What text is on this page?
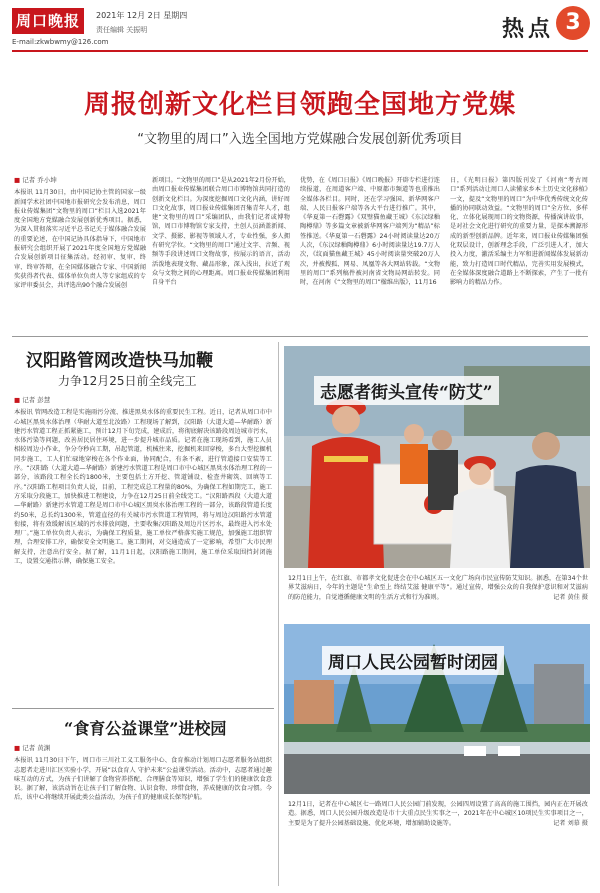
周口晚报	2021年 12月 2日 星期四
责任编辑 关振明
E-mail:zkwbwmy@126.com	热点 3
周报创新文化栏目领跑全国地方党媒
“文物里的周口”入选全国地方党媒融合发展创新优秀项目
■ 记者 乔小坤
本报讯 11月30日，由中国记协主管的国家一级新闻学术社团中国地市报研究会发布消息，周口报业传媒集团“文物里的周口”栏目入选2021年度全国地方党媒融合发展创新优秀项目。据悉，为深入贯彻落实习近平总书记关于媒体融合发展的重要论述，在中国记协具体指导下，中国地市报研究会组织开展了2021年度全国地方党媒融合发展创新项目征集活动。经初审、复审、终审、终审答辩，在全国媒体融合专家、中国新闻奖获得者代表、媒体单位负责人等专家组成的专家评审委员会，共评选出90个融合发展创
新项目。“文物里的周口”是从2021年2月份开始，由周口报业传媒集团联合周口市博物馆共同打造的创新文化栏目。为深度挖掘周口文化内涵，讲好周口文化故事，周口报业传媒集团召集青年人才，组建“文物里的周口”采编团队，由我们记者或博物馆，周口市博物馆专家支持，主创人员涵盖新闻、文学、摄影、影视等领域人才，专业性强，多人拥有研究学位。“文物里的周口”通过文字、音频、视频等手段讲述周口文物故事，按展示的语言，活动活泼地表现文物、藏品形象，深入浅出，拉近了观众与文物之间的心理距离。周口报业传媒集团利用自身平台
优势，在《周口日报》《周口晚报》开辟专栏进行连续报道，在周道客户端、中原都市频道等也重推出全媒体各栏目。同时，还在学习强国、新华网客户端、人民日报客户端等各大平台进行推广。其中，《华夏第一石磬露》《双璧猫鱼藏王城》《东汉绿釉陶樽鼎》等多篇文章被新华网客户端列为“精品”标签推送。《华夏第一石磬露》24小时阅读量达20万人次，《东汉绿釉陶樽鼎》6小时阅读量达19.7万人次，《纹面猫鱼藏王城》45小时阅读量突破20万人次，并被搜狐、网易、凤凰等各大网站转载。“文物里的周口”系列稿件被河南省文物局网站转发。同时，在河南《“文物里的周口”楹维出版》，11月16
日，《光明日报》第四版刊发了《河南“考古周口”系列活动让周口人读懂家乡本土历史文化移植》一文，提及“文物里的周口”为中华优秀传统文化传播的协同联动效益。“文物里的周口”全方位、多样化、立体化展现周口的文物资源，传播演讲故事，是对社会文化进行研究的重要力量，是探本溯源形成的新型创新品牌。近年来，周口报业传媒集团强化双层设计，创新理念手段，广泛引进人才，加大投入力度，激活采编主力军和进新闻媒体发展新动能，致力打造周口时代精品，完善实用发展模式，在全媒体深度融合道路上不断探索，产生了一批有影响力的精品力作。
汉阳路管网改造快马加鞭
力争12月25日前全线完工
■ 记者 彭慧
本报讯 管网改造工程是实施雨污分流、推进黑臭水体的重要民生工程。近日，记者从周口市中心城区黑臭水体治理（华耐大道至北汝路）工程现场了解到，汉阳路（大道大道—华耐路）新建污水管道工程正抓紧施工，预计12月下旬完成，建成后，将彻底解决该路段周边城市污水，水体污染等问题，改善居民居住环境，进一步提升城市品质。记者在施工现场看到，施工人员相较周边小作业，争分夺秒向工期，吊起管道，机械往来，挖掘机来回穿梭，多台大型挖掘机同步施工，工人们忙碌地穿梭在各个作业面，协同配合，有条不紊，进行管道接口安装等工序。“汉阳路（大道大道—华耐路）新建污水管道工程是周口市中心城区黑臭水体治理工程的一部分，该路段工程全长约1800米，主要包括土方开挖、管道铺设、检查井砌筑、回填等工序。”汉阳路工程项目负责人说，目前，工程完成总工程量的80%，为确保工程如期完工，施工方采取分段施工，加快推进工程建设，力争在12月25日前全线完工。“汉阳路西段（大道大道—华耐路）新建污水管道工程是周口市中心城区黑臭水体治理工程的一部分，该路段管道长度约50米，总长约1300米，管道直径的有关城市污水管道工程管网，将与周边汉阳路污水管道衔接，将有效缓解该区域的污水排放问题，主要收集汉阳路及周边片区污水，最终进入污水处理厂。”施工单位负责人表示，为确保工程质量，施工单位严格落实施工规范，加强施工组织管理，合理安排工序，确保安全文明施工。施工期间，对交通造成了一定影响，希望广大市民理解支持，注意出行安全。据了解，11月1日起，汉阳路施工期间，施工单位采取围挡封闭施工，设置交通指示牌，确保施工安全。
“食育公益课堂”进校园
■ 记者 黄渊
本报讯 11月30日下午，周口市三川社工义工服务中心、食育推动计划周口志愿者服务站组织志愿者走进川汇区实验小学，开展“以食育人 守护未来”公益课堂活动。活动中，志愿者通过趣味互动的方式，为孩子们讲解了食物营养搭配、合理膳食等知识，增强了学生们的健康饮食意识。据了解，该活动旨在让孩子们了解食物、认识食物、珍惜食物，养成健康的饮食习惯。今后，该中心将继续开展此类公益活动，为孩子们的健康成长保驾护航。
志愿者街头宣传“防艾”
12月1日上午，在红旗、市都孝文化促进会在中心城区五一文化广场向市民宣传防艾知识。据悉，在第34个世界艾滋病日，今年的主题是“生命至上 终结艾滋 健康平等”。通过宣传，增强公众的自我保护意识和对艾滋病的防范能力，自觉遵循健康文明的生活方式和行为准则。	记者 黄佳 摄
周口人民公园暂时闭园
12月1日，记者在中心城区七一路周口人民公园门前发现，公园四周设置了高高的施工围挡，园内正在开展改造。据悉，周口人民公园升级改造是市十大重点民生实事之一，2021年在中心城区10项民生实事项目之一，主要是为了提升公园基础设施、优化环境，增加辅助设施等。	记者 刘慕 摄
